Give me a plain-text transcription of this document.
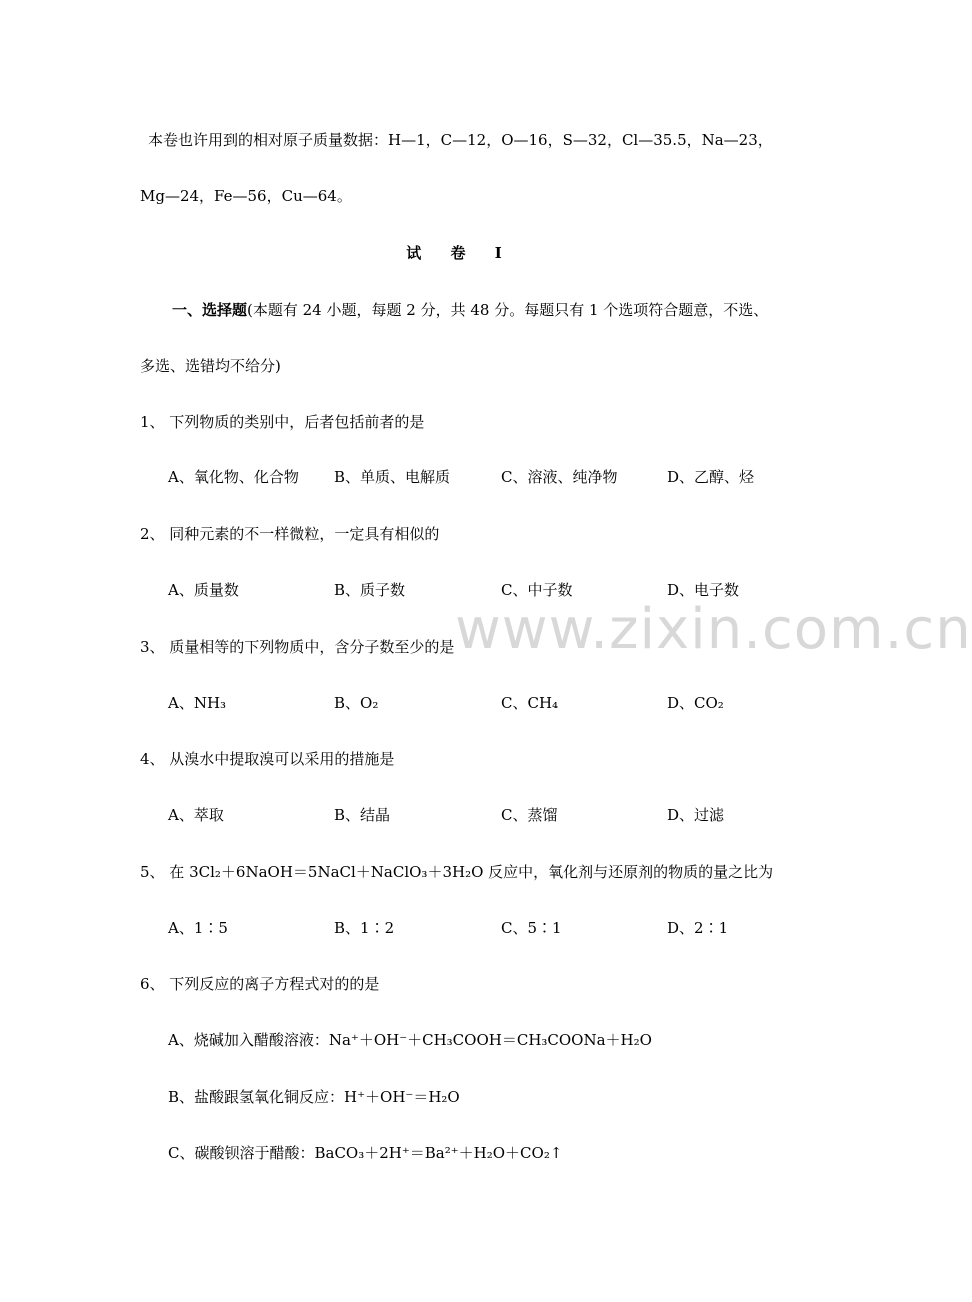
www.zixin.com.cn
本卷也许用到的相对原子质量数据：H—1，C—12，O—16，S—32，Cl—35.5，Na—23，
Mg—24，Fe—56，Cu—64。
试 卷 Ⅰ
一、选择题(本题有 24 小题，每题 2 分，共 48 分。每题只有 1 个选项符合题意，不选、
多选、选错均不给分)
1、 下列物质的类别中，后者包括前者的是
A、氧化物、化合物 B、单质、电解质	C、溶液、纯净物	D、乙醇、烃
2、 同种元素的不一样微粒，一定具有相似的
A、质量数	B、质子数	C、中子数	D、电子数
3、 质量相等的下列物质中，含分子数至少的是
A、NH₃	B、O₂	C、CH₄	D、CO₂
4、 从溴水中提取溴可以采用的措施是
A、萃取	B、结晶	C、蒸馏	D、过滤
5、 在 3Cl₂＋6NaOH＝5NaCl＋NaClO₃＋3H₂O 反应中，氧化剂与还原剂的物质的量之比为
A、1∶5	B、1∶2	C、5∶1	D、2∶1
6、 下列反应的离子方程式对的的是
A、烧碱加入醋酸溶液：Na⁺＋OH⁻＋CH₃COOH＝CH₃COONa＋H₂O
B、盐酸跟氢氧化铜反应：H⁺＋OH⁻＝H₂O
C、碳酸钡溶于醋酸：BaCO₃＋2H⁺＝Ba²⁺＋H₂O＋CO₂↑
